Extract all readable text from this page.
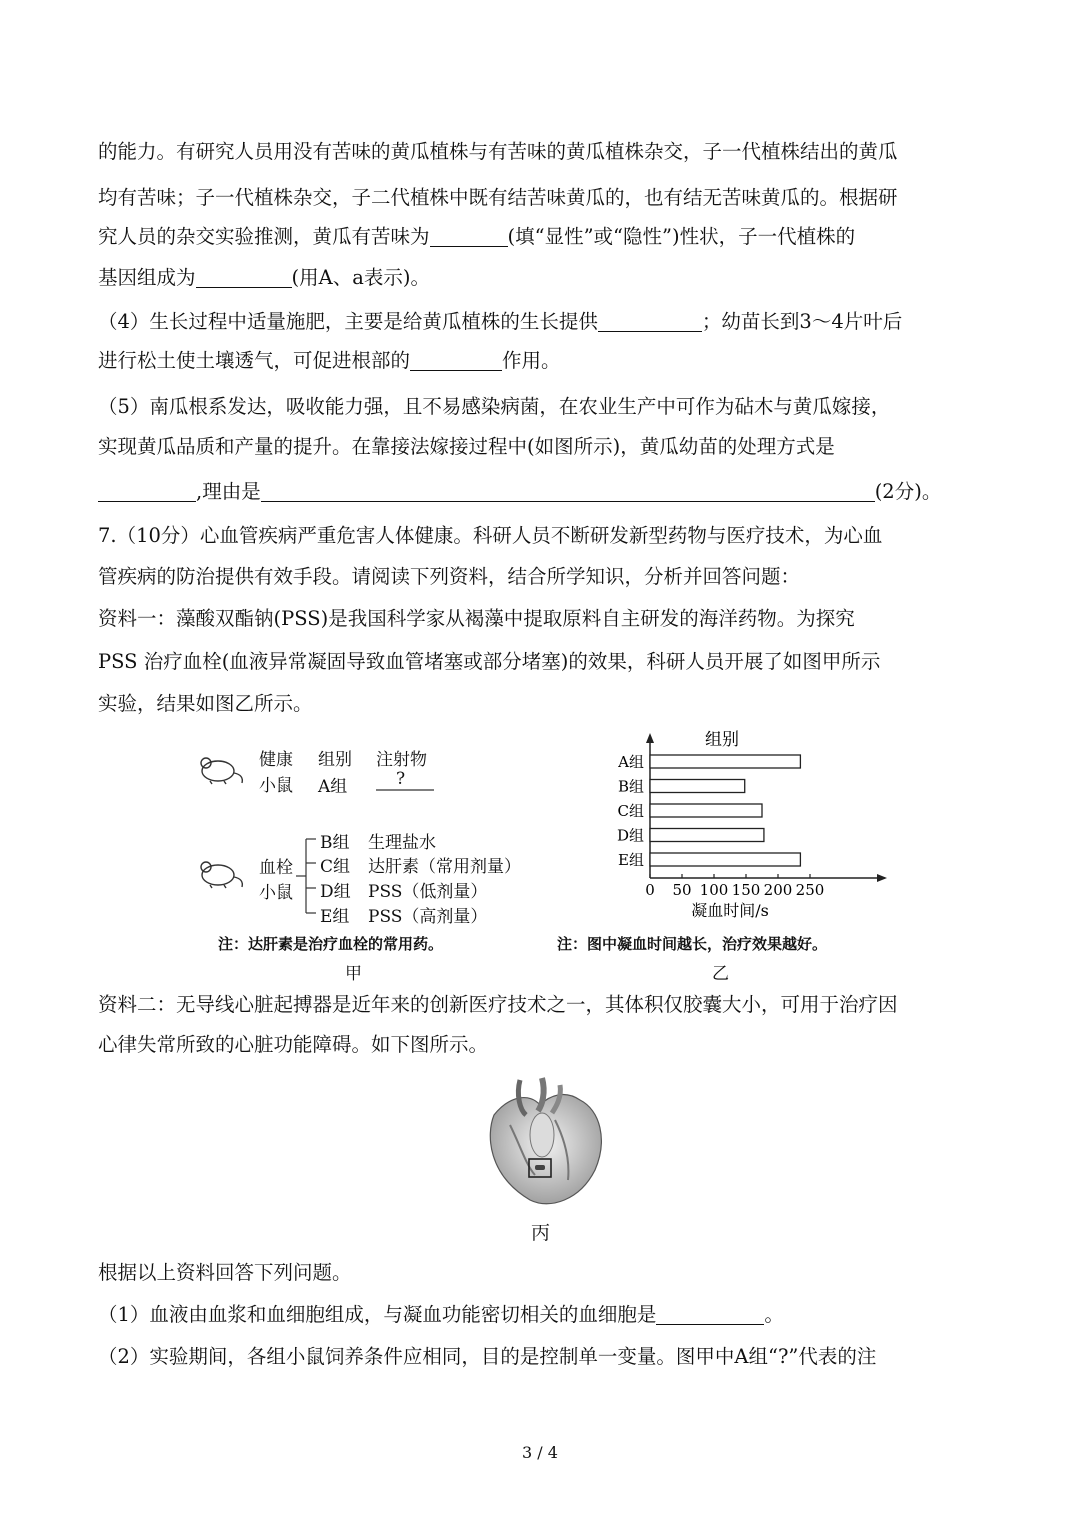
的能力。有研究人员用没有苦味的黄瓜植株与有苦味的黄瓜植株杂交，子一代植株结出的黄瓜
均有苦味；子一代植株杂交，子二代植株中既有结苦味黄瓜的，也有结无苦味黄瓜的。根据研
究人员的杂交实验推测，黄瓜有苦味为	(填“显性”或“隐性”)性状，子一代植株的
基因组成为	(用A、a表示)。
（4）生长过程中适量施肥，主要是给黄瓜植株的生长提供	；幼苗长到3～4片叶后
进行松土使土壤透气，可促进根部的	作用。
（5）南瓜根系发达，吸收能力强，且不易感染病菌，在农业生产中可作为砧木与黄瓜嫁接，
实现黄瓜品质和产量的提升。在靠接法嫁接过程中(如图所示)，黄瓜幼苗的处理方式是
,理由是	(2分)。
7.（10分）心血管疾病严重危害人体健康。科研人员不断研发新型药物与医疗技术，为心血
管疾病的防治提供有效手段。请阅读下列资料，结合所学知识，分析并回答问题：
资料一：藻酸双酯钠(PSS)是我国科学家从褐藻中提取原料自主研发的海洋药物。为探究
PSS 治疗血栓(血液异常凝固导致血管堵塞或部分堵塞)的效果，科研人员开展了如图甲所示
实验，结果如图乙所示。
健康
小鼠
组别 注射物
A组	?
血栓
小鼠
B组 生理盐水
C组 达肝素（常用剂量）
D组 PSS（低剂量）
E组 PSS（高剂量）
注：达肝素是治疗血栓的常用药。
甲
组别
A组
B组
C组
D组
E组
0 50 100 150 200 250
凝血时间/s
注：图中凝血时间越长，治疗效果越好。
乙
资料二：无导线心脏起搏器是近年来的创新医疗技术之一，其体积仅胶囊大小，可用于治疗因
心律失常所致的心脏功能障碍。如下图所示。
丙
根据以上资料回答下列问题。
（1）血液由血浆和血细胞组成，与凝血功能密切相关的血细胞是	。
（2）实验期间，各组小鼠饲养条件应相同，目的是控制单一变量。图甲中A组“?”代表的注
3 / 4
